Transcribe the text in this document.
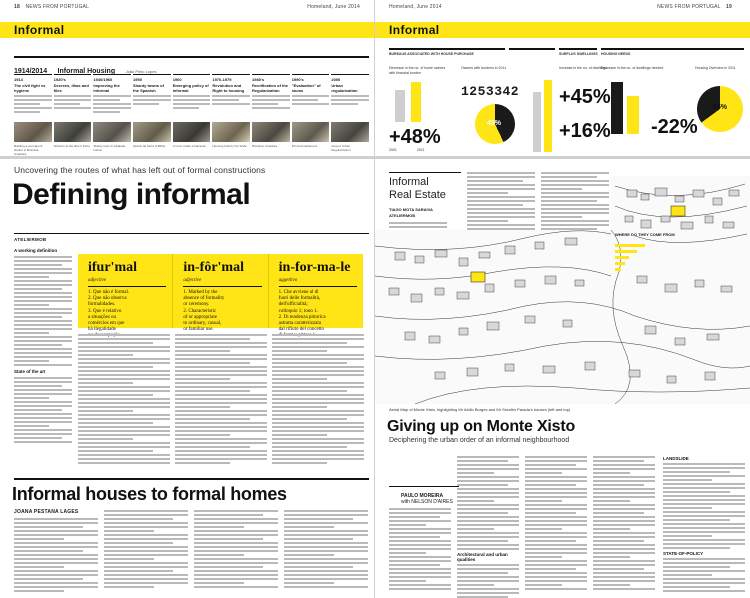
18 NEWS FROM PORTUGAL	Homeland, June 2014
Informal
1914/2014 Informal Housing	João Pinto Lopes
1914
The civil fight vs hygiene
1920's
Decrees, ilhas and files
1940/1960
Improving the informal
1950
Shanty towns of the Spanish
1960
Emerging policy of informal
1970-1979
Revolution and Right to housing
1980's
Rectification of the Regularization
1990's
"Evaluation" of slums
2000
Urban regularization
Building a permanent shelter in Brandoa, Amadora
Workers at the Ilha in Porto	Shanty town in Alvalade, Lisbon
Quinta da Serra (1960s)	A room inside a barracks	Housing built by the SAAL	Brandoa, Amadora	Informal settlement	Area of Urban Regularization
Uncovering the routes of what has left out of formal constructions
Defining informal
ATELIERMOB
A working definition
State of the art
ifur'mal
adjective
1. Que não é formal.
2. Que não observa
formalidades.
3. Que é relativo
a situações ou
comércios em que
há ilegalidade
in-fôr'mal
adjective
1. Marked by the
absence of formality
or ceremony.
2. Characteristic
of or appropriate
to ordinary, casual,
or familiar use.
in-for-ma-le
aggettivo
1. Che avviene al di
fuori delle formalità,
dell'ufficialità;
colloquio 1; tono 1.
2. Di tendenza pittorica
astratta caratterizzata
dal rifiuto del concetto
Informal houses to formal homes
JOANA PESTANA LAGES
Homeland, June 2014	NEWS FROM PORTUGAL 19
Informal
BUREAUS ASSOCIATED WITH HOUSE PURCHASE	SURPLUS DWELLINGS HOUSING NEEDS
Decrease in the no. of home owners with financial burden
Owners with burdens in 2011	Increase in the no. of dwellings
Decrease in the no. of dwellings needed	Housing Overview in 2011
+48%
1253342
43%
+45%
+16% -22%
65%
2001	2011
Informal
Real Estate
TIAGO MOTA SARAIVA
ATELIERMOB
Aerial Map of Monte Xisto, highlighting Mr Abilio Borges and Mr Serafim Parada's houses (left and top)
Giving up on Monte Xisto
Deciphering the urban order of an informal neighbourhood
PAULO MOREIRA
with NELSON D'AIRES
Architectural and urban qualities
LANDSLIDE
STATE-OF-POLICY
WHERE DO THEY COME FROM
